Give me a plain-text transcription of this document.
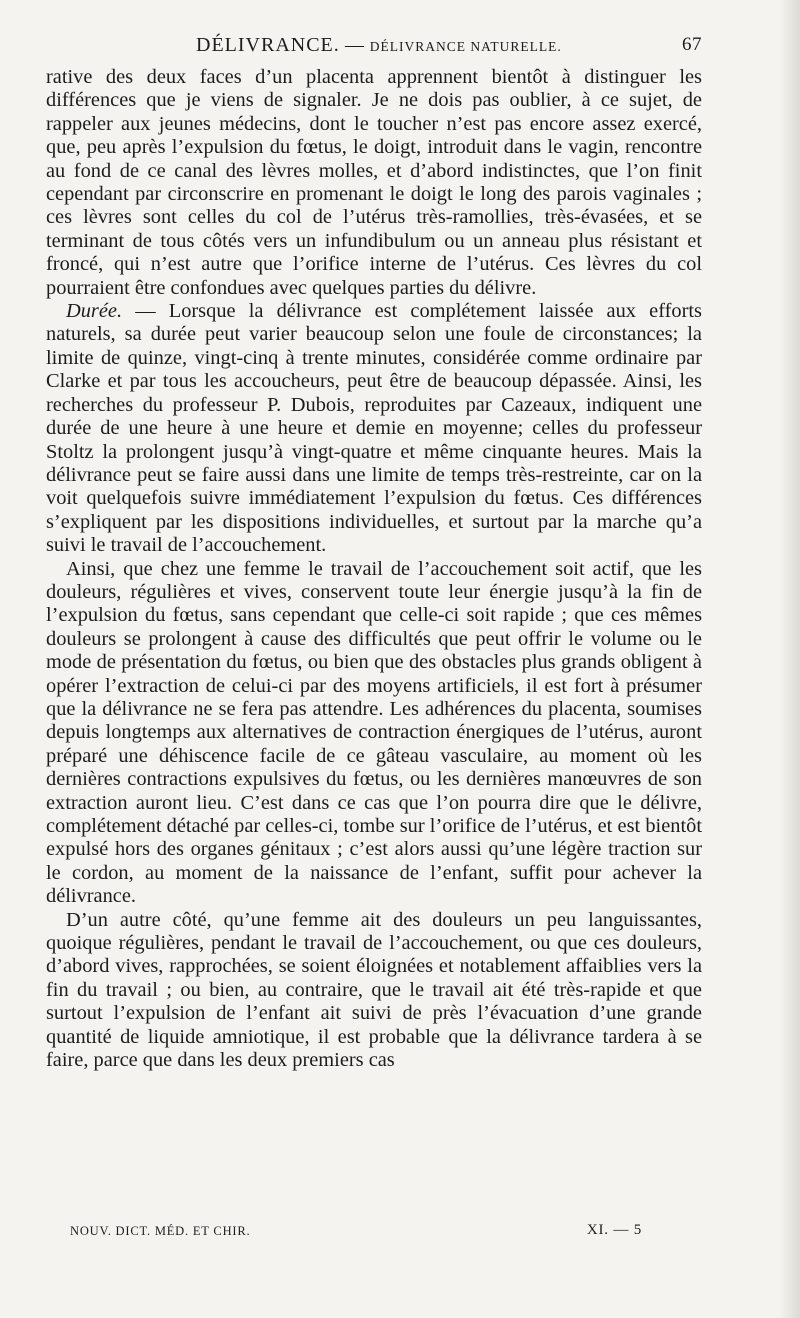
DÉLIVRANCE. — DÉLIVRANCE NATURELLE.	67

rative des deux faces d’un placenta apprennent bientôt à distinguer les différences que je viens de signaler. Je ne dois pas oublier, à ce sujet, de rappeler aux jeunes médecins, dont le toucher n’est pas encore assez exercé, que, peu après l’expulsion du fœtus, le doigt, introduit dans le vagin, rencontre au fond de ce canal des lèvres molles, et d’abord indistinctes, que l’on finit cependant par circonscrire en promenant le doigt le long des parois vaginales ; ces lèvres sont celles du col de l’utérus très-ramollies, très-évasées, et se terminant de tous côtés vers un infundibulum ou un anneau plus résistant et froncé, qui n’est autre que l’orifice interne de l’utérus. Ces lèvres du col pourraient être confondues avec quelques parties du délivre.

Durée. — Lorsque la délivrance est complétement laissée aux efforts naturels, sa durée peut varier beaucoup selon une foule de circonstances; la limite de quinze, vingt-cinq à trente minutes, considérée comme ordinaire par Clarke et par tous les accoucheurs, peut être de beaucoup dépassée. Ainsi, les recherches du professeur P. Dubois, reproduites par Cazeaux, indiquent une durée de une heure à une heure et demie en moyenne; celles du professeur Stoltz la prolongent jusqu’à vingt-quatre et même cinquante heures. Mais la délivrance peut se faire aussi dans une limite de temps très-restreinte, car on la voit quelquefois suivre immédiatement l’expulsion du fœtus. Ces différences s’expliquent par les dispositions individuelles, et surtout par la marche qu’a suivi le travail de l’accouchement.

Ainsi, que chez une femme le travail de l’accouchement soit actif, que les douleurs, régulières et vives, conservent toute leur énergie jusqu’à la fin de l’expulsion du fœtus, sans cependant que celle-ci soit rapide ; que ces mêmes douleurs se prolongent à cause des difficultés que peut offrir le volume ou le mode de présentation du fœtus, ou bien que des obstacles plus grands obligent à opérer l’extraction de celui-ci par des moyens artificiels, il est fort à présumer que la délivrance ne se fera pas attendre. Les adhérences du placenta, soumises depuis longtemps aux alternatives de contraction énergiques de l’utérus, auront préparé une déhiscence facile de ce gâteau vasculaire, au moment où les dernières contractions expulsives du fœtus, ou les dernières manœuvres de son extraction auront lieu. C’est dans ce cas que l’on pourra dire que le délivre, complétement détaché par celles-ci, tombe sur l’orifice de l’utérus, et est bientôt expulsé hors des organes génitaux ; c’est alors aussi qu’une légère traction sur le cordon, au moment de la naissance de l’enfant, suffit pour achever la délivrance.

D’un autre côté, qu’une femme ait des douleurs un peu languissantes, quoique régulières, pendant le travail de l’accouchement, ou que ces douleurs, d’abord vives, rapprochées, se soient éloignées et notablement affaiblies vers la fin du travail ; ou bien, au contraire, que le travail ait été très-rapide et que surtout l’expulsion de l’enfant ait suivi de près l’évacuation d’une grande quantité de liquide amniotique, il est probable que la délivrance tardera à se faire, parce que dans les deux premiers cas

NOUV. DICT. MÉD. ET CHIR.	XI. — 5
